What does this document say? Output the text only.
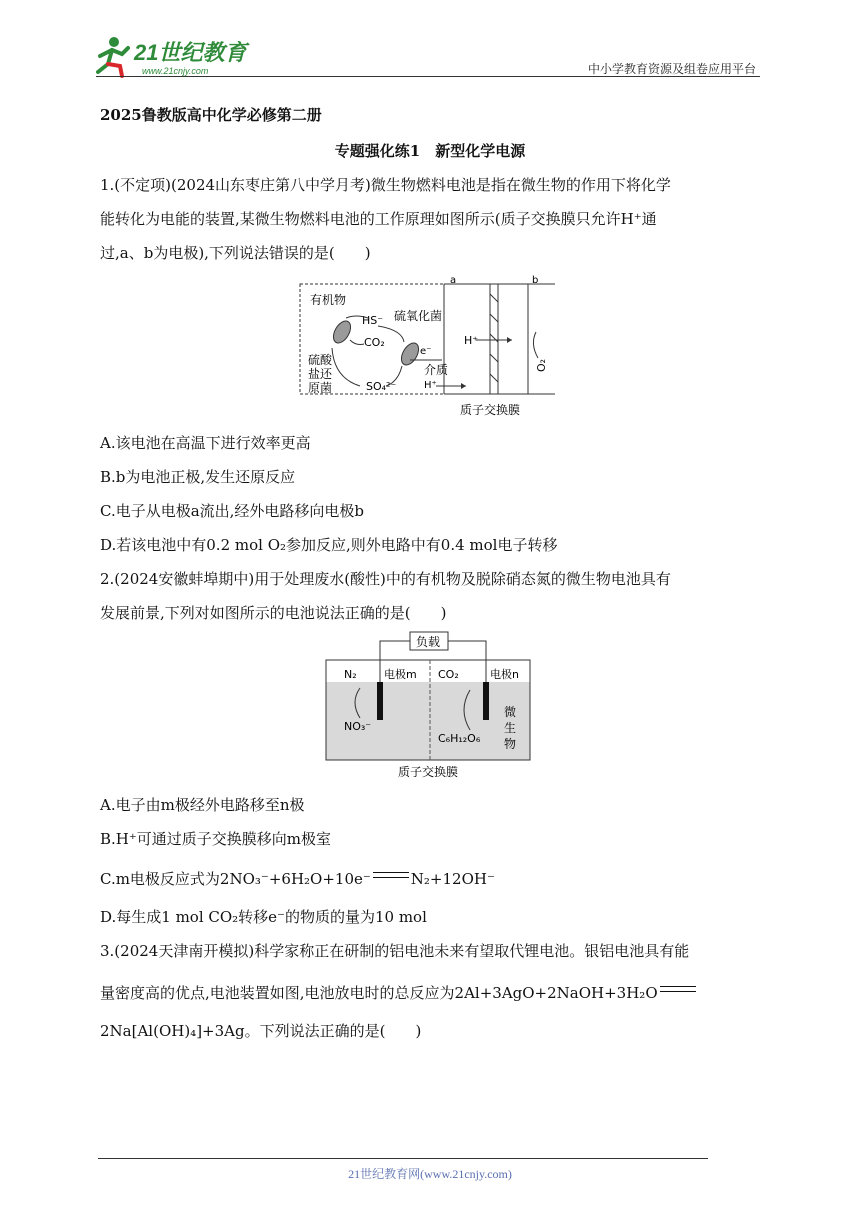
21世纪教育
www.21cnjy.com	中小学教育资源及组卷应用平台
2025鲁教版高中化学必修第二册
专题强化练1　新型化学电源
1.(不定项)(2024山东枣庄第八中学月考)微生物燃料电池是指在微生物的作用下将化学
能转化为电能的装置,某微生物燃料电池的工作原理如图所示(质子交换膜只允许H⁺通
过,a、b为电极),下列说法错误的是(　　)
a	b
有机物
HS⁻
CO₂
硫氧化菌
硫酸
盐还
原菌	SO₄²⁻
e⁻
介质
H⁺
H⁺
O₂
质子交换膜
A.该电池在高温下进行效率更高
B.b为电池正极,发生还原反应
C.电子从电极a流出,经外电路移向电极b
D.若该电池中有0.2 mol O₂参加反应,则外电路中有0.4 mol电子转移
2.(2024安徽蚌埠期中)用于处理废水(酸性)中的有机物及脱除硝态氮的微生物电池具有
发展前景,下列对如图所示的电池说法正确的是(　　)
负载
N₂ 电极m CO₂	电极n
NO₃⁻
C₆H₁₂O₆
微
生
物
质子交换膜
A.电子由m极经外电路移至n极
B.H⁺可通过质子交换膜移向m极室
C.m电极反应式为2NO₃⁻+6H₂O+10e⁻	N₂+12OH⁻
D.每生成1 mol CO₂转移e⁻的物质的量为10 mol
3.(2024天津南开模拟)科学家称正在研制的铝电池未来有望取代锂电池。银铝电池具有能
量密度高的优点,电池装置如图,电池放电时的总反应为2Al+3AgO+2NaOH+3H₂O
2Na[Al(OH)₄]+3Ag。下列说法正确的是(　　)
21世纪教育网(www.21cnjy.com)
